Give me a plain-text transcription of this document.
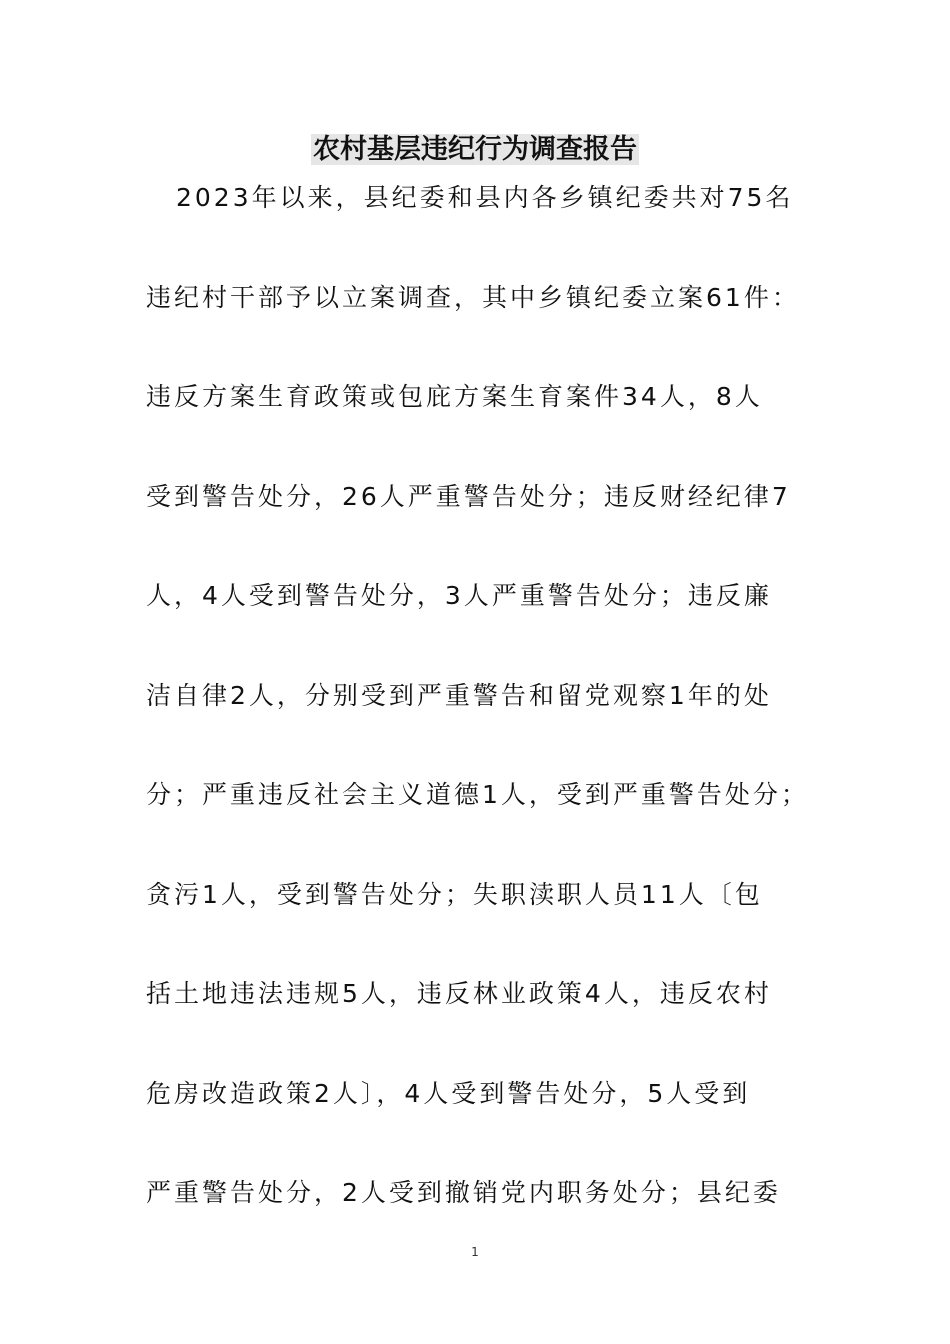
农村基层违纪行为调查报告
2023年以来，县纪委和县内各乡镇纪委共对75名
违纪村干部予以立案调查，其中乡镇纪委立案61件：
违反方案生育政策或包庇方案生育案件34人，8人
受到警告处分，26人严重警告处分；违反财经纪律7
人，4人受到警告处分，3人严重警告处分；违反廉
洁自律2人，分别受到严重警告和留党观察1年的处
分；严重违反社会主义道德1人，受到严重警告处分；
贪污1人，受到警告处分；失职渎职人员11人〔包
括土地违法违规5人，违反林业政策4人，违反农村
危房改造政策2人〕，4人受到警告处分，5人受到
严重警告处分，2人受到撤销党内职务处分；县纪委
1
